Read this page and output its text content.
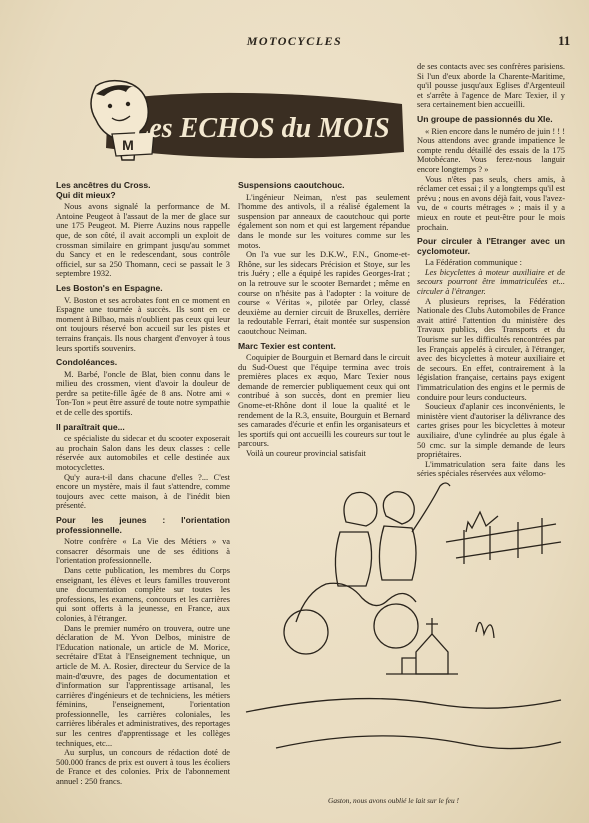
MOTOCYCLES	11
M
Les ECHOS du MOIS
Les ancêtres du Cross.
Qui dit mieux?

Nous avons signalé la performance de M. Antoine Peugeot à l'assaut de la mer de glace sur une 175 Peugeot. M. Pierre Auzins nous rappelle que, de son côté, il avait accompli un exploit de crossman similaire en grimpant jusqu'au sommet du Sancy et en le redescendant, sous contrôle officiel, sur sa 250 Thomann, ceci se passait le 3 septembre 1932.

Les Boston's en Espagne.

V. Boston et ses acrobates font en ce moment en Espagne une tournée à succès. Ils sont en ce moment à Bilbao, mais n'oublient pas ceux qui leur ont toujours réservé bon accueil sur les pistes et terrains français. Ils nous chargent d'envoyer à tous leurs sportifs souvenirs.

Condoléances.

M. Barbé, l'oncle de Blat, bien connu dans le milieu des crossmen, vient d'avoir la douleur de perdre sa petite-fille âgée de 8 ans. Notre ami « Ton-Ton » peut être assuré de toute notre sympathie et de celle des sportifs.

Il paraîtrait que...

ce spécialiste du sidecar et du scooter exposerait au prochain Salon dans les deux classes : celle réservée aux automobiles et celle destinée aux motocyclettes.

Qu'y aura-t-il dans chacune d'elles ?... C'est encore un mystère, mais il faut s'attendre, comme toujours avec cette maison, à de l'inédit bien présenté.

Pour les jeunes : l'orientation professionnelle.

Notre confrère « La Vie des Métiers » va consacrer désormais une de ses éditions à l'orientation professionnelle.

Dans cette publication, les membres du Corps enseignant, les élèves et leurs familles trouveront une documentation complète sur toutes les professions, les examens, concours et les carrières qui sont offerts à la jeunesse, en France, aux colonies, à l'étranger.

Dans le premier numéro on trouvera, outre une déclaration de M. Yvon Delbos, ministre de l'Education nationale, un article de M. Morice, secrétaire d'Etat à l'Enseignement technique, un article de M. A. Rosier, directeur du Service de la main-d'œuvre, des pages de documentation et d'information sur l'apprentissage artisanal, les carrières d'ingénieurs et de techniciens, les métiers féminins, l'enseignement, l'orientation professionnelle, les carrières coloniales, les carrières libérales et administratives, des reportages sur les centres d'apprentissage et les collèges techniques, etc...

Au surplus, un concours de rédaction doté de 500.000 francs de prix est ouvert à tous les écoliers de France et des colonies. Prix de l'abonnement annuel : 250 francs.

Suspensions caoutchouc.

L'ingénieur Neiman, n'est pas seulement l'homme des antivols, il a réalisé également la suspension par anneaux de caoutchouc qui porte également son nom et qui est largement répandue dans le monde sur les voitures comme sur les motos.

On l'a vue sur les D.K.W., F.N., Gnome-et-Rhône, sur les sidecars Précision et Stoye, sur les tris Juéry ; elle a équipé les rapides Georges-Irat ; on la retrouve sur le scooter Bernardet ; même en course on n'hésite pas à l'adopter : la voiture de course « Véritas », pilotée par Orley, classé deuxième au dernier circuit de Bruxelles, derrière la redoutable Ferrari, était montée sur suspension caoutchouc Neiman.

Marc Texier est content.

Coquipier de Bourguin et Bernard dans le circuit du Sud-Ouest que l'équipe termina avec trois premières places ex æquo, Marc Texier nous demande de remercier publiquement ceux qui ont contribué à son succès, dont en premier lieu Gnome-et-Rhône dont il loue la qualité et le rendement de la R.3, ensuite, Bourguin et Bernard ses camarades d'écurie et enfin les organisateurs et les sportifs qui ont accueilli les coureurs sur tout le parcours.

Voilà un coureur provincial satisfait

de ses contacts avec ses confrères parisiens. Si l'un d'eux aborde la Charente-Maritime, qu'il pousse jusqu'aux Eglises d'Argenteuil et s'arrête à l'agence de Marc Texier, il y sera certainement bien accueilli.

Un groupe de passionnés du XIe.

« Rien encore dans le numéro de juin ! ! ! Nous attendons avec grande impatience le compte rendu détaillé des essais de la 175 Motobécane. Vous ferez-nous languir encore longtemps ? »

Vous n'êtes pas seuls, chers amis, à réclamer cet essai ; il y a longtemps qu'il est prévu ; nous en avons déjà fait, vous l'avez-vu, de « courts métrages » ; mais il y a mieux en route et peut-être pour le mois prochain.

Pour circuler à l'Etranger avec un cyclomoteur.

La Fédération communique :

Les bicyclettes à moteur auxiliaire et de secours pourront être immatriculées et... circuler à l'étranger.

A plusieurs reprises, la Fédération Nationale des Clubs Automobiles de France avait attiré l'attention du ministère des Travaux publics, des Transports et du Tourisme sur les difficultés rencontrées par les Français appelés à circuler, à l'étranger, avec des bicyclettes à moteur auxiliaire et de secours. En effet, contrairement à la législation française, certains pays exigent l'immatriculation des engins et le permis de conduire pour leurs conducteurs.

Soucieux d'aplanir ces inconvénients, le ministère vient d'autoriser la délivrance des cartes grises pour les bicyclettes à moteur auxiliaire, d'une cylindrée au plus égale à 50 cmc. sur la simple demande de leurs propriétaires.

L'immatriculation sera faite dans les séries spéciales réservées aux vélomo-

Gaston, nous avons oublié le lait sur le feu !
